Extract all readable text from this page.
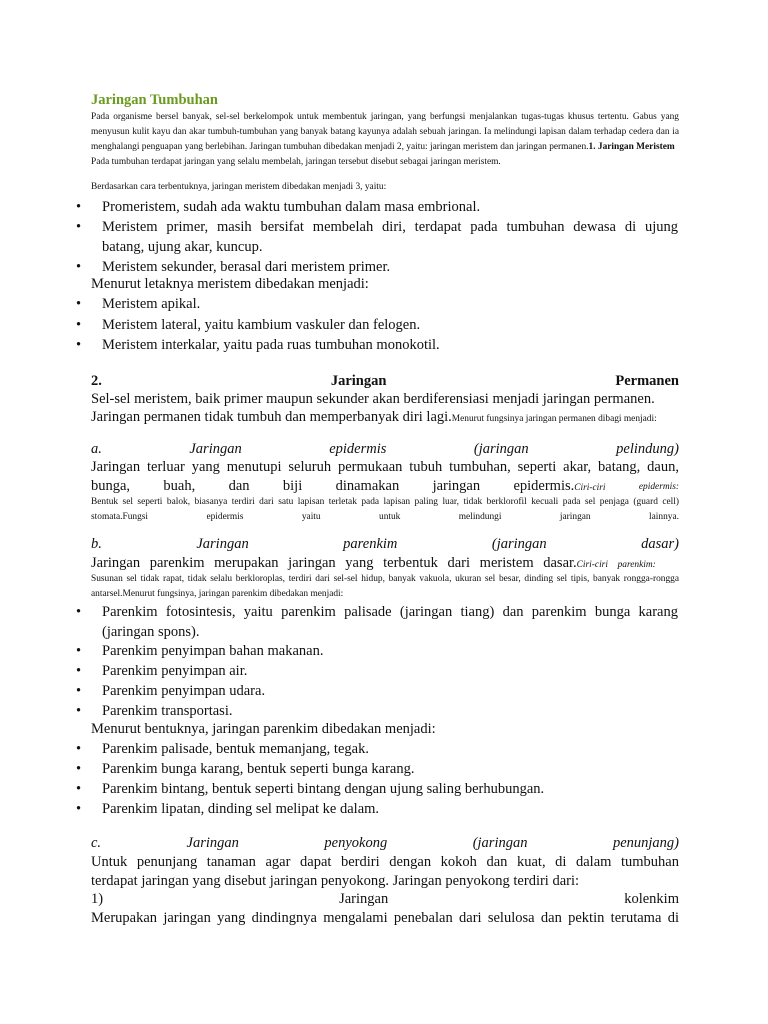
Jaringan Tumbuhan
Pada organisme bersel banyak, sel-sel berkelompok untuk membentuk jaringan, yang berfungsi menjalankan tugas-tugas khusus tertentu. Gabus yang
menyusun kulit kayu dan akar tumbuh-tumbuhan yang banyak batang kayunya adalah sebuah jaringan. Ia melindungi lapisan dalam terhadap cedera dan ia
menghalangi penguapan yang berlebihan. Jaringan tumbuhan dibedakan menjadi 2, yaitu: jaringan meristem dan jaringan permanen.1. Jaringan Meristem
Pada tumbuhan terdapat jaringan yang selalu membelah, jaringan tersebut disebut sebagai jaringan meristem.
Berdasarkan cara terbentuknya, jaringan meristem dibedakan menjadi 3, yaitu:
• Promeristem, sudah ada waktu tumbuhan dalam masa embrional.
• Meristem primer, masih bersifat membelah diri, terdapat pada tumbuhan dewasa di ujung
batang, ujung akar, kuncup.
• Meristem sekunder, berasal dari meristem primer.
Menurut letaknya meristem dibedakan menjadi:
• Meristem apikal.
• Meristem lateral, yaitu kambium vaskuler dan felogen.
• Meristem interkalar, yaitu pada ruas tumbuhan monokotil.
2.	Jaringan	Permanen
Sel-sel meristem, baik primer maupun sekunder akan berdiferensiasi menjadi jaringan permanen.
Jaringan permanen tidak tumbuh dan memperbanyak diri lagi.Menurut fungsinya jaringan permanen dibagi menjadi:
a.	Jaringan	epidermis	(jaringan	pelindung)
Jaringan terluar yang menutupi seluruh permukaan tubuh tumbuhan, seperti akar, batang, daun,
bunga, buah, dan biji dinamakan jaringan epidermis.Ciri-ciri	epidermis:
Bentuk sel seperti balok, biasanya terdiri dari satu lapisan terletak pada lapisan paling luar, tidak berklorofil kecuali pada sel penjaga (guard cell)
stomata.Fungsi	epidermis	yaitu	untuk	melindungi	jaringan	lainnya.
b.	Jaringan	parenkim	(jaringan	dasar)
Jaringan parenkim merupakan jaringan yang terbentuk dari meristem dasar.Ciri-ciri parenkim:
Susunan sel tidak rapat, tidak selalu berkloroplas, terdiri dari sel-sel hidup, banyak vakuola, ukuran sel besar, dinding sel tipis, banyak rongga-rongga
antarsel.Menurut fungsinya, jaringan parenkim dibedakan menjadi:
• Parenkim fotosintesis, yaitu parenkim palisade (jaringan tiang) dan parenkim bunga karang
(jaringan spons).
• Parenkim penyimpan bahan makanan.
• Parenkim penyimpan air.
• Parenkim penyimpan udara.
• Parenkim transportasi.
Menurut bentuknya, jaringan parenkim dibedakan menjadi:
• Parenkim palisade, bentuk memanjang, tegak.
• Parenkim bunga karang, bentuk seperti bunga karang.
• Parenkim bintang, bentuk seperti bintang dengan ujung saling berhubungan.
• Parenkim lipatan, dinding sel melipat ke dalam.
c.	Jaringan	penyokong	(jaringan	penunjang)
Untuk penunjang tanaman agar dapat berdiri dengan kokoh dan kuat, di dalam tumbuhan
terdapat jaringan yang disebut jaringan penyokong. Jaringan penyokong terdiri dari:
1)	Jaringan	kolenkim
Merupakan jaringan yang dindingnya mengalami penebalan dari selulosa dan pektin terutama di
